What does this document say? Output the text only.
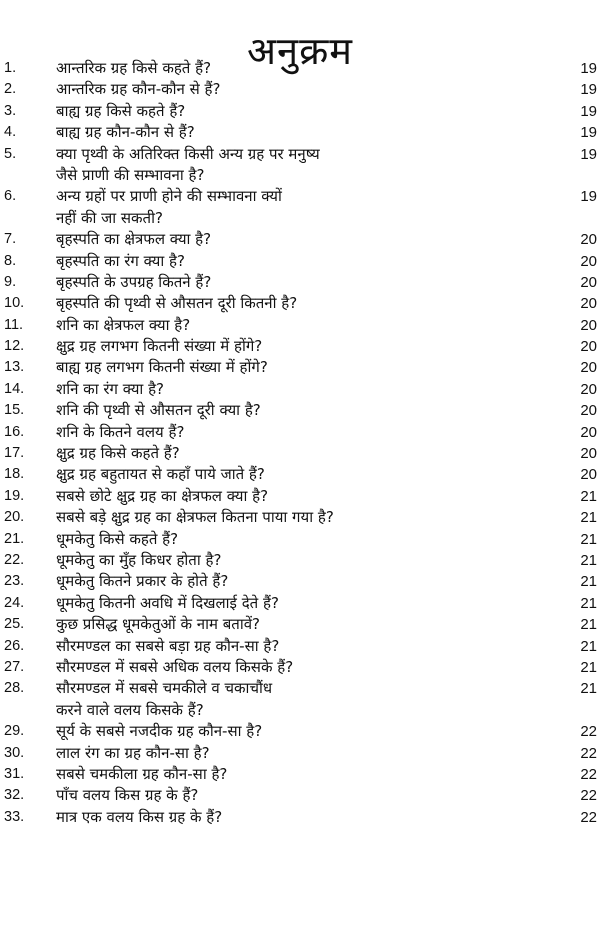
अनुक्रम
1.	आन्तरिक ग्रह किसे कहते हैं?	19
2.	आन्तरिक ग्रह कौन-कौन से हैं?	19
3.	बाह्य ग्रह किसे कहते हैं?	19
4.	बाह्य ग्रह कौन-कौन से हैं?	19
5.	क्या पृथ्वी के अतिरिक्त किसी अन्य ग्रह पर मनुष्य	19
जैसे प्राणी की सम्भावना है?
6.	अन्य ग्रहों पर प्राणी होने की सम्भावना क्यों	19
नहीं की जा सकती?
7.	बृहस्पति का क्षेत्रफल क्या है?	20
8.	बृहस्पति का रंग क्या है?	20
9.	बृहस्पति के उपग्रह कितने हैं?	20
10. बृहस्पति की पृथ्वी से औसतन दूरी कितनी है?	20
11. शनि का क्षेत्रफल क्या है?	20
12. क्षुद्र ग्रह लगभग कितनी संख्या में होंगे?	20
13. बाह्य ग्रह लगभग कितनी संख्या में होंगे?	20
14. शनि का रंग क्या है?	20
15. शनि की पृथ्वी से औसतन दूरी क्या है?	20
16. शनि के कितने वलय हैं?	20
17. क्षुद्र ग्रह किसे कहते हैं?	20
18. क्षुद्र ग्रह बहुतायत से कहाँ पाये जाते हैं?	20
19. सबसे छोटे क्षुद्र ग्रह का क्षेत्रफल क्या है?	21
20. सबसे बड़े क्षुद्र ग्रह का क्षेत्रफल कितना पाया गया है?	21
21. धूमकेतु किसे कहते हैं?	21
22. धूमकेतु का मुँह किधर होता है?	21
23. धूमकेतु कितने प्रकार के होते हैं?	21
24. धूमकेतु कितनी अवधि में दिखलाई देते हैं?	21
25. कुछ प्रसिद्ध धूमकेतुओं के नाम बतावें?	21
26. सौरमण्डल का सबसे बड़ा ग्रह कौन-सा है?	21
27. सौरमण्डल में सबसे अधिक वलय किसके हैं?	21
28. सौरमण्डल में सबसे चमकीले व चकाचौंध	21
करने वाले वलय किसके हैं?
29. सूर्य के सबसे नजदीक ग्रह कौन-सा है?	22
30. लाल रंग का ग्रह कौन-सा है?	22
31. सबसे चमकीला ग्रह कौन-सा है?	22
32. पाँच वलय किस ग्रह के हैं?	22
33. मात्र एक वलय किस ग्रह के हैं?	22
